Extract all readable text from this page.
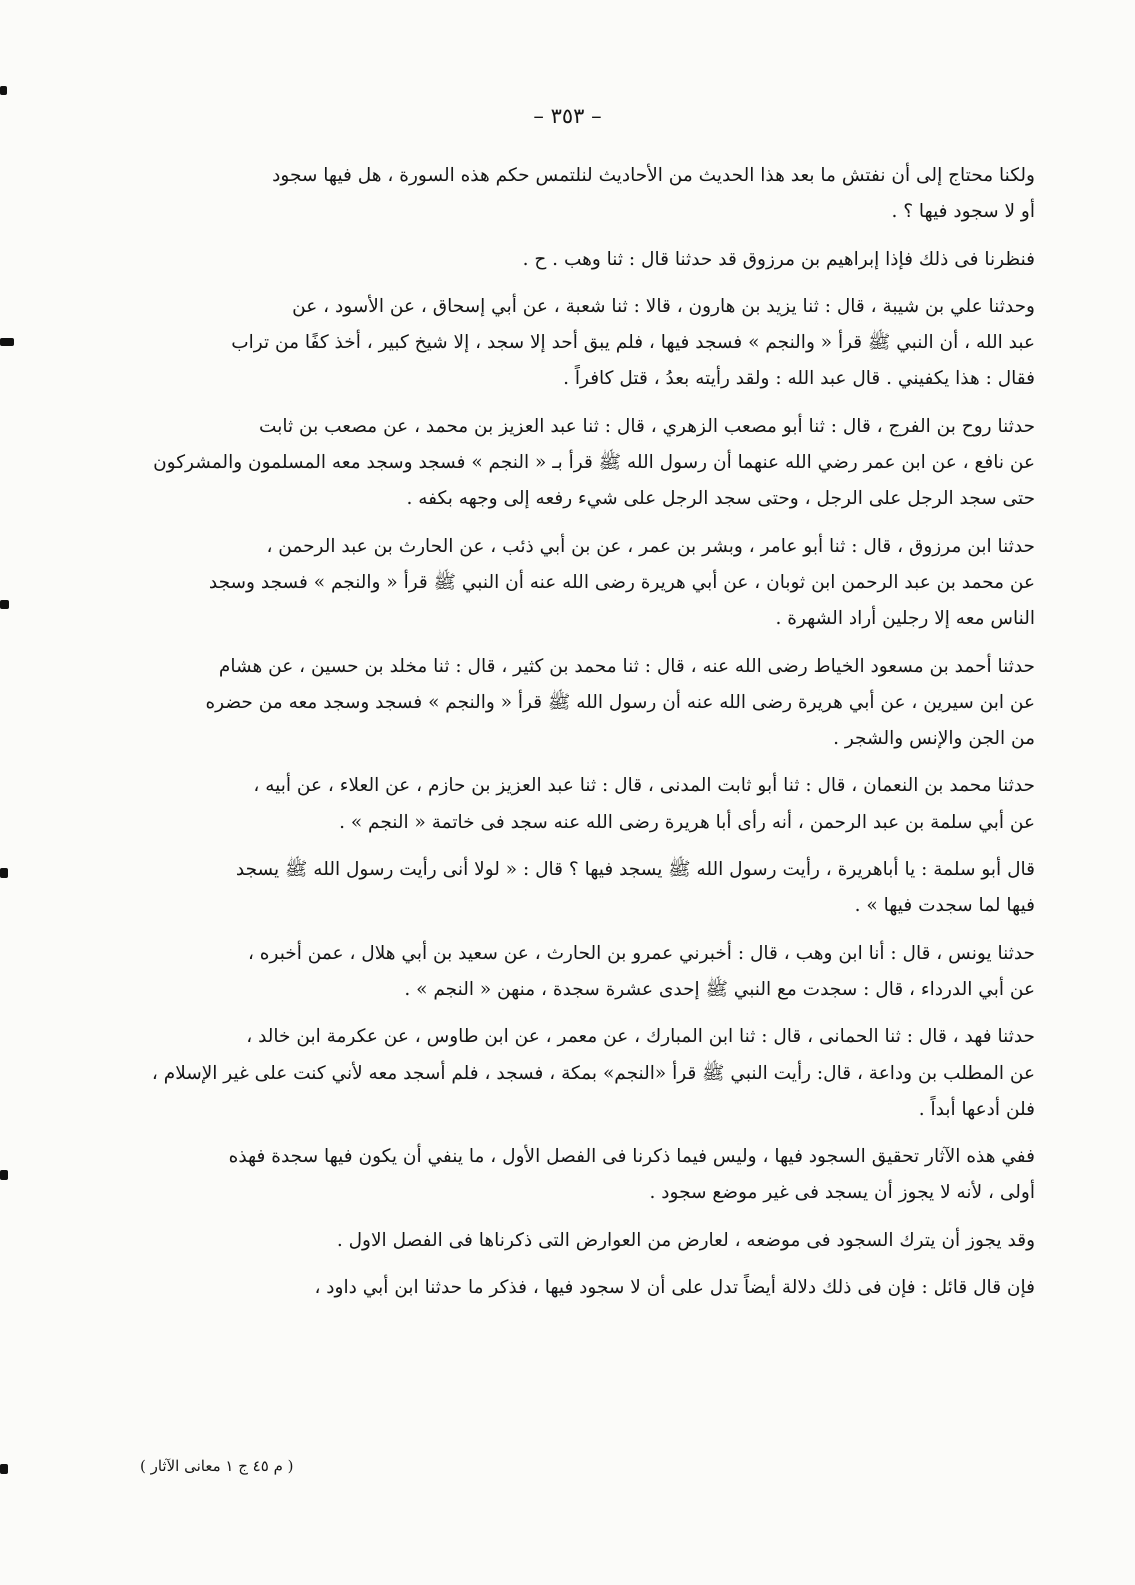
– ٣٥٣ –
ولكنا محتاج إلى أن نفتش ما بعد هذا الحديث من الأحاديث لنلتمس حكم هذه السورة ، هل فيها سجود
أو لا سجود فيها ؟ .
فنظرنا فى ذلك فإذا إبراهيم بن مرزوق قد حدثنا قال : ثنا وهب . ح .
وحدثنا علي بن شيبة ، قال : ثنا يزيد بن هارون ، قالا : ثنا شعبة ، عن أبي إسحاق ، عن الأسود ، عن
عبد الله ، أن النبي ﷺ قرأ « والنجم » فسجد فيها ، فلم يبق أحد إلا سجد ، إلا شيخ كبير ، أخذ كفًا من تراب
فقال : هذا يكفيني . قال عبد الله : ولقد رأيته بعدُ ، قتل كافراً .
حدثنا روح بن الفرج ، قال : ثنا أبو مصعب الزهري ، قال : ثنا عبد العزيز بن محمد ، عن مصعب بن ثابت
عن نافع ، عن ابن عمر رضي الله عنهما أن رسول الله ﷺ قرأ بـ « النجم » فسجد وسجد معه المسلمون والمشركون
حتى سجد الرجل على الرجل ، وحتى سجد الرجل على شيء رفعه إلى وجهه بكفه .
حدثنا ابن مرزوق ، قال : ثنا أبو عامر ، وبشر بن عمر ، عن بن أبي ذئب ، عن الحارث بن عبد الرحمن ،
عن محمد بن عبد الرحمن ابن ثوبان ، عن أبي هريرة رضى الله عنه أن النبي ﷺ قرأ « والنجم » فسجد وسجد
الناس معه إلا رجلين أراد الشهرة .
حدثنا أحمد بن مسعود الخياط رضى الله عنه ، قال : ثنا محمد بن كثير ، قال : ثنا مخلد بن حسين ، عن هشام
عن ابن سيرين ، عن أبي هريرة رضى الله عنه أن رسول الله ﷺ قرأ « والنجم » فسجد وسجد معه من حضره
من الجن والإنس والشجر .
حدثنا محمد بن النعمان ، قال : ثنا أبو ثابت المدنى ، قال : ثنا عبد العزيز بن حازم ، عن العلاء ، عن أبيه ،
عن أبي سلمة بن عبد الرحمن ، أنه رأى أبا هريرة رضى الله عنه سجد فى خاتمة « النجم » .
قال أبو سلمة : يا أباهريرة ، رأيت رسول الله ﷺ يسجد فيها ؟ قال : « لولا أنى رأيت رسول الله ﷺ يسجد
فيها لما سجدت فيها » .
حدثنا يونس ، قال : أنا ابن وهب ، قال : أخبرني عمرو بن الحارث ، عن سعيد بن أبي هلال ، عمن أخبره ،
عن أبي الدرداء ، قال : سجدت مع النبي ﷺ إحدى عشرة سجدة ، منهن « النجم » .
حدثنا فهد ، قال : ثنا الحمانى ، قال : ثنا ابن المبارك ، عن معمر ، عن ابن طاوس ، عن عكرمة ابن خالد ،
عن المطلب بن وداعة ، قال: رأيت النبي ﷺ قرأ «النجم» بمكة ، فسجد ، فلم أسجد معه لأني كنت على غير الإسلام ،
فلن أدعها أبداً .
ففي هذه الآثار تحقيق السجود فيها ، وليس فيما ذكرنا فى الفصل الأول ، ما ينفي أن يكون فيها سجدة فهذه
أولى ، لأنه لا يجوز أن يسجد فى غير موضع سجود .
وقد يجوز أن يترك السجود فى موضعه ، لعارض من العوارض التى ذكرناها فى الفصل الاول .
فإن قال قائل : فإن فى ذلك دلالة أيضاً تدل على أن لا سجود فيها ، فذكر ما حدثنا ابن أبي داود ،
( م ٤٥ ج ١ معانى الآثار )
